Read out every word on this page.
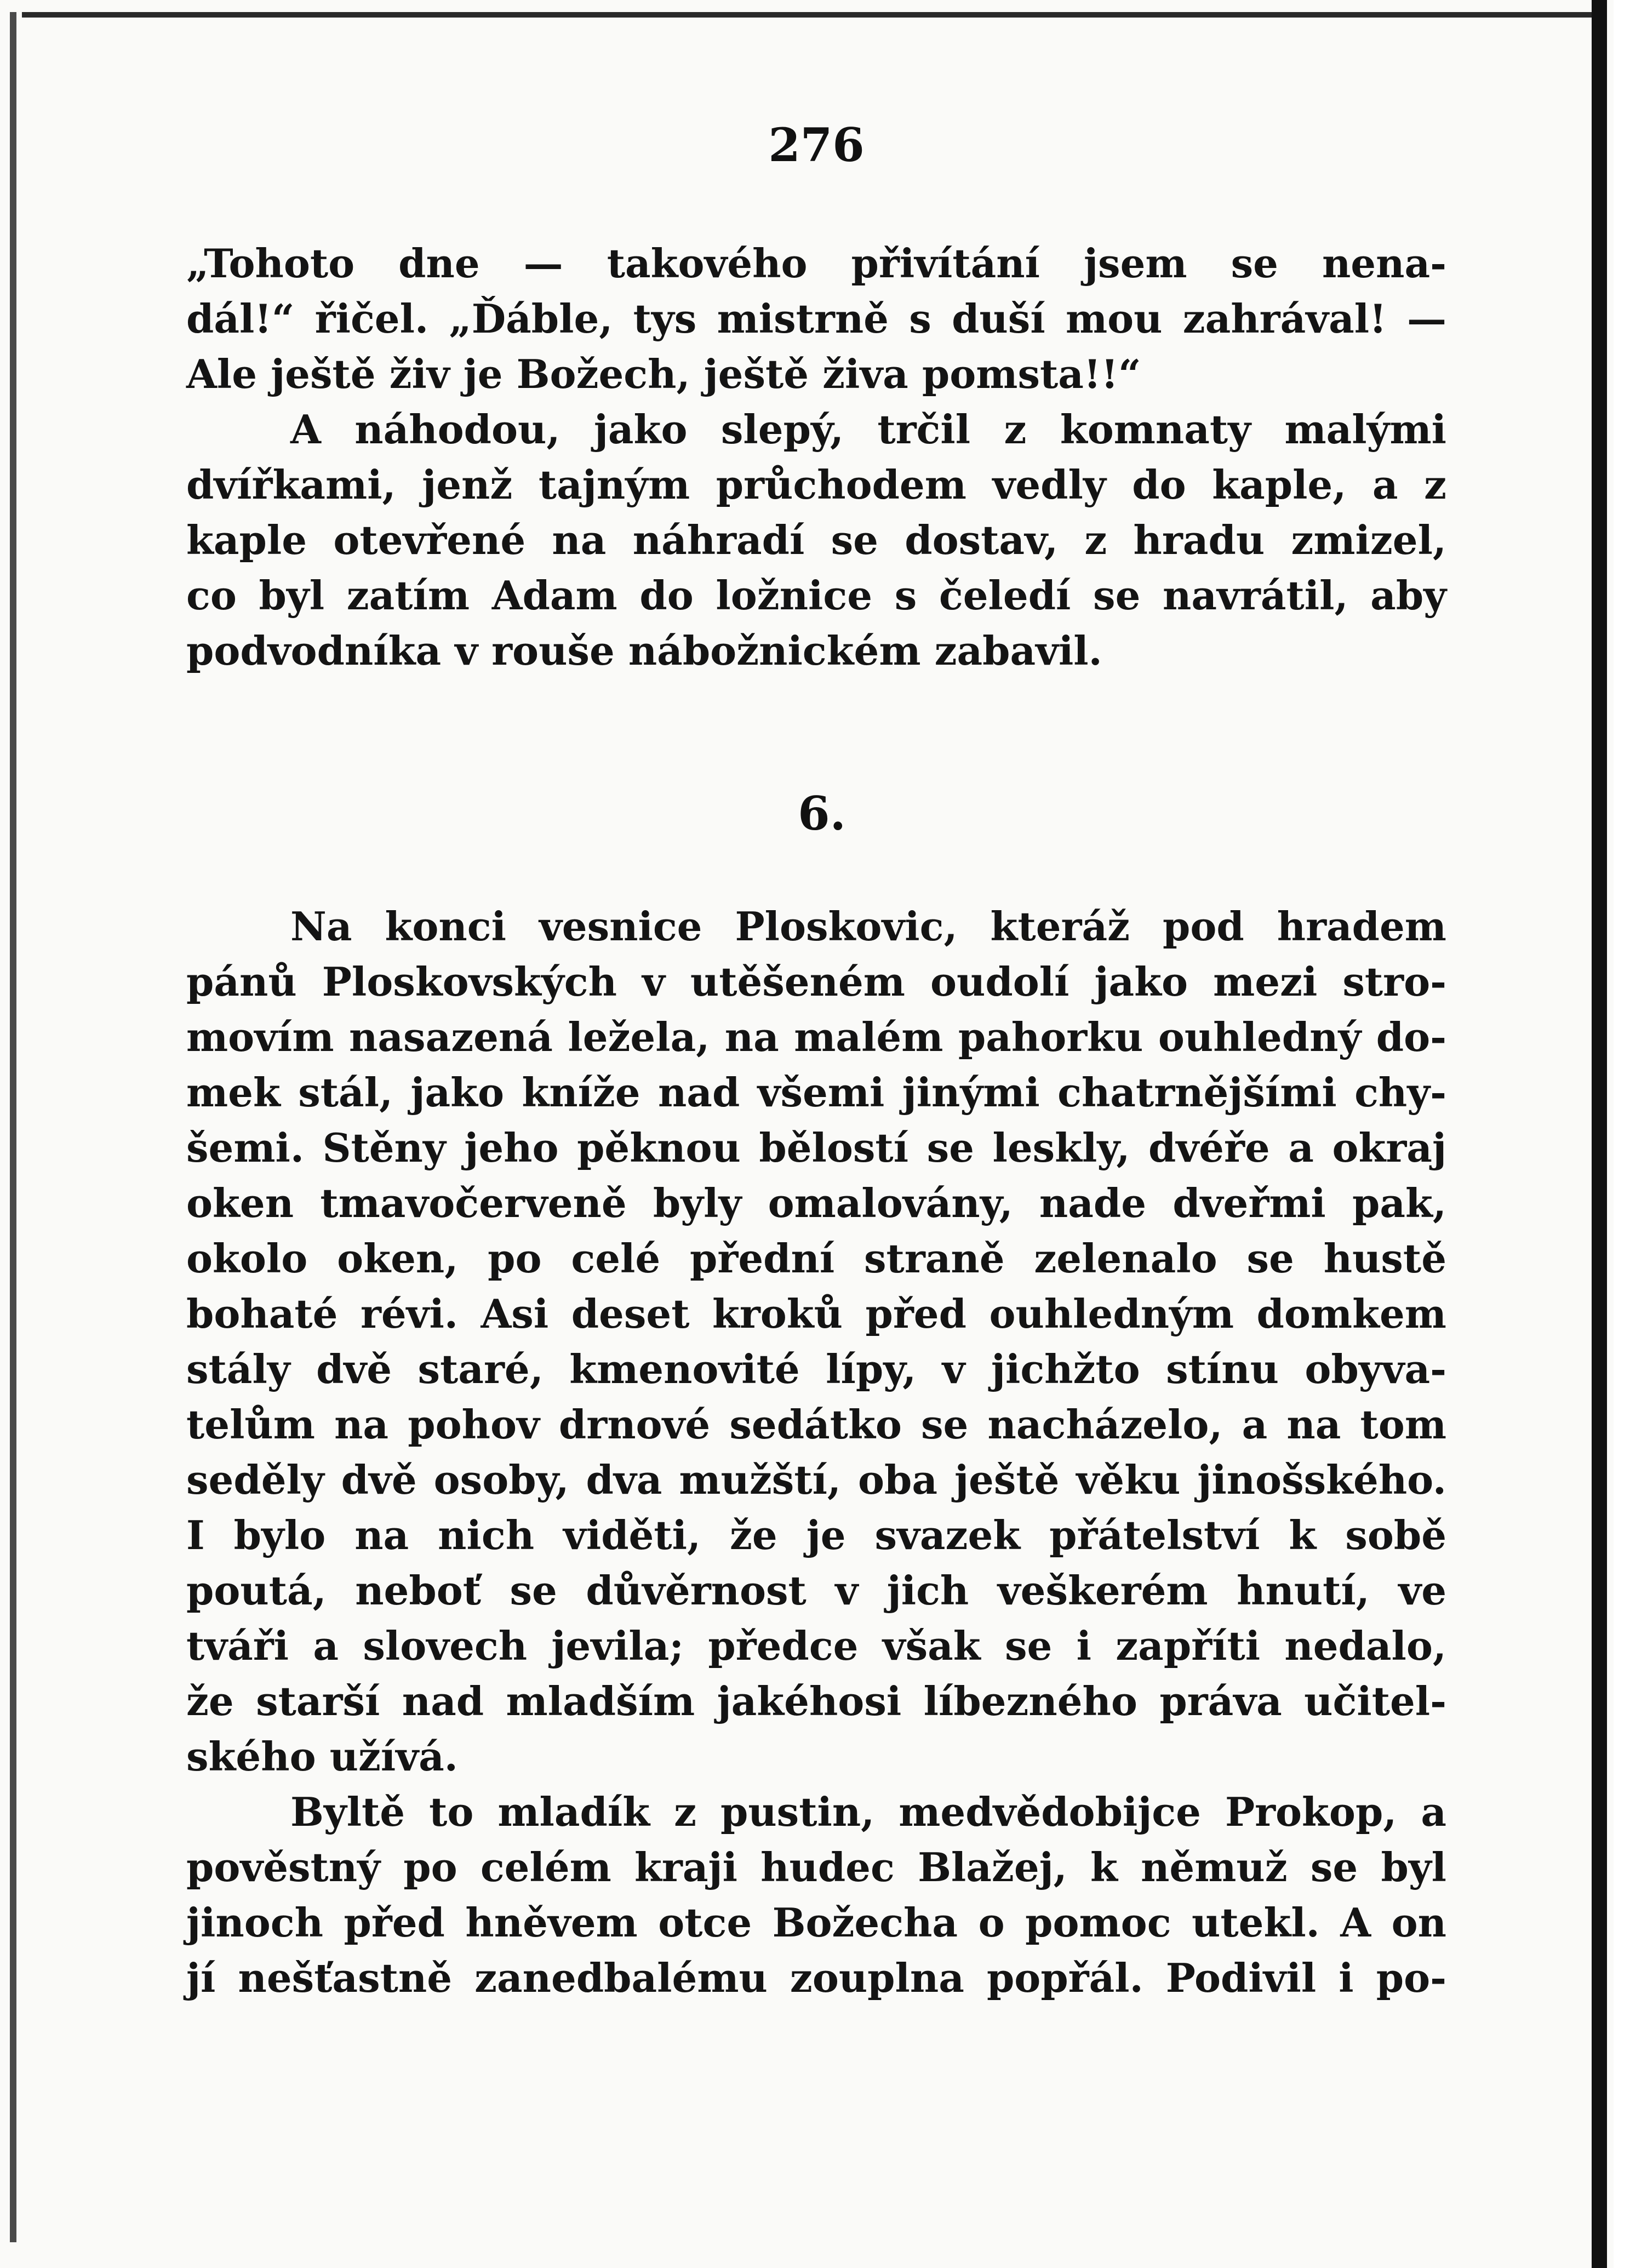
276
„Tohoto dne — takového přivítání jsem se nena-
dál!“ řičel. „Ďáble, tys mistrně s duší mou zahrával! —
Ale ještě živ je Božech, ještě živa pomsta!!“
A náhodou, jako slepý, trčil z komnaty malými
dvířkami, jenž tajným průchodem vedly do kaple, a z
kaple otevřené na náhradí se dostav, z hradu zmizel,
co byl zatím Adam do ložnice s čeledí se navrátil, aby
podvodníka v rouše nábožnickém zabavil.
6.
Na konci vesnice Ploskovic, kteráž pod hradem
pánů Ploskovských v utěšeném oudolí jako mezi stro-
movím nasazená ležela, na malém pahorku ouhledný do-
mek stál, jako kníže nad všemi jinými chatrnějšími chy-
šemi. Stěny jeho pěknou bělostí se leskly, dvéře a okraj
oken tmavočerveně byly omalovány, nade dveřmi pak,
okolo oken, po celé přední straně zelenalo se hustě
bohaté révi. Asi deset kroků před ouhledným domkem
stály dvě staré, kmenovité lípy, v jichžto stínu obyva-
telům na pohov drnové sedátko se nacházelo, a na tom
seděly dvě osoby, dva mužští, oba ještě věku jinošského.
I bylo na nich viděti, že je svazek přátelství k sobě
poutá, neboť se důvěrnost v jich veškerém hnutí, ve
tváři a slovech jevila; předce však se i zapříti nedalo,
že starší nad mladším jakéhosi líbezného práva učitel-
ského užívá.
Byltě to mladík z pustin, medvědobijce Prokop, a
pověstný po celém kraji hudec Blažej, k němuž se byl
jinoch před hněvem otce Božecha o pomoc utekl. A on
jí nešťastně zanedbalému zouplna popřál. Podivil i po-
